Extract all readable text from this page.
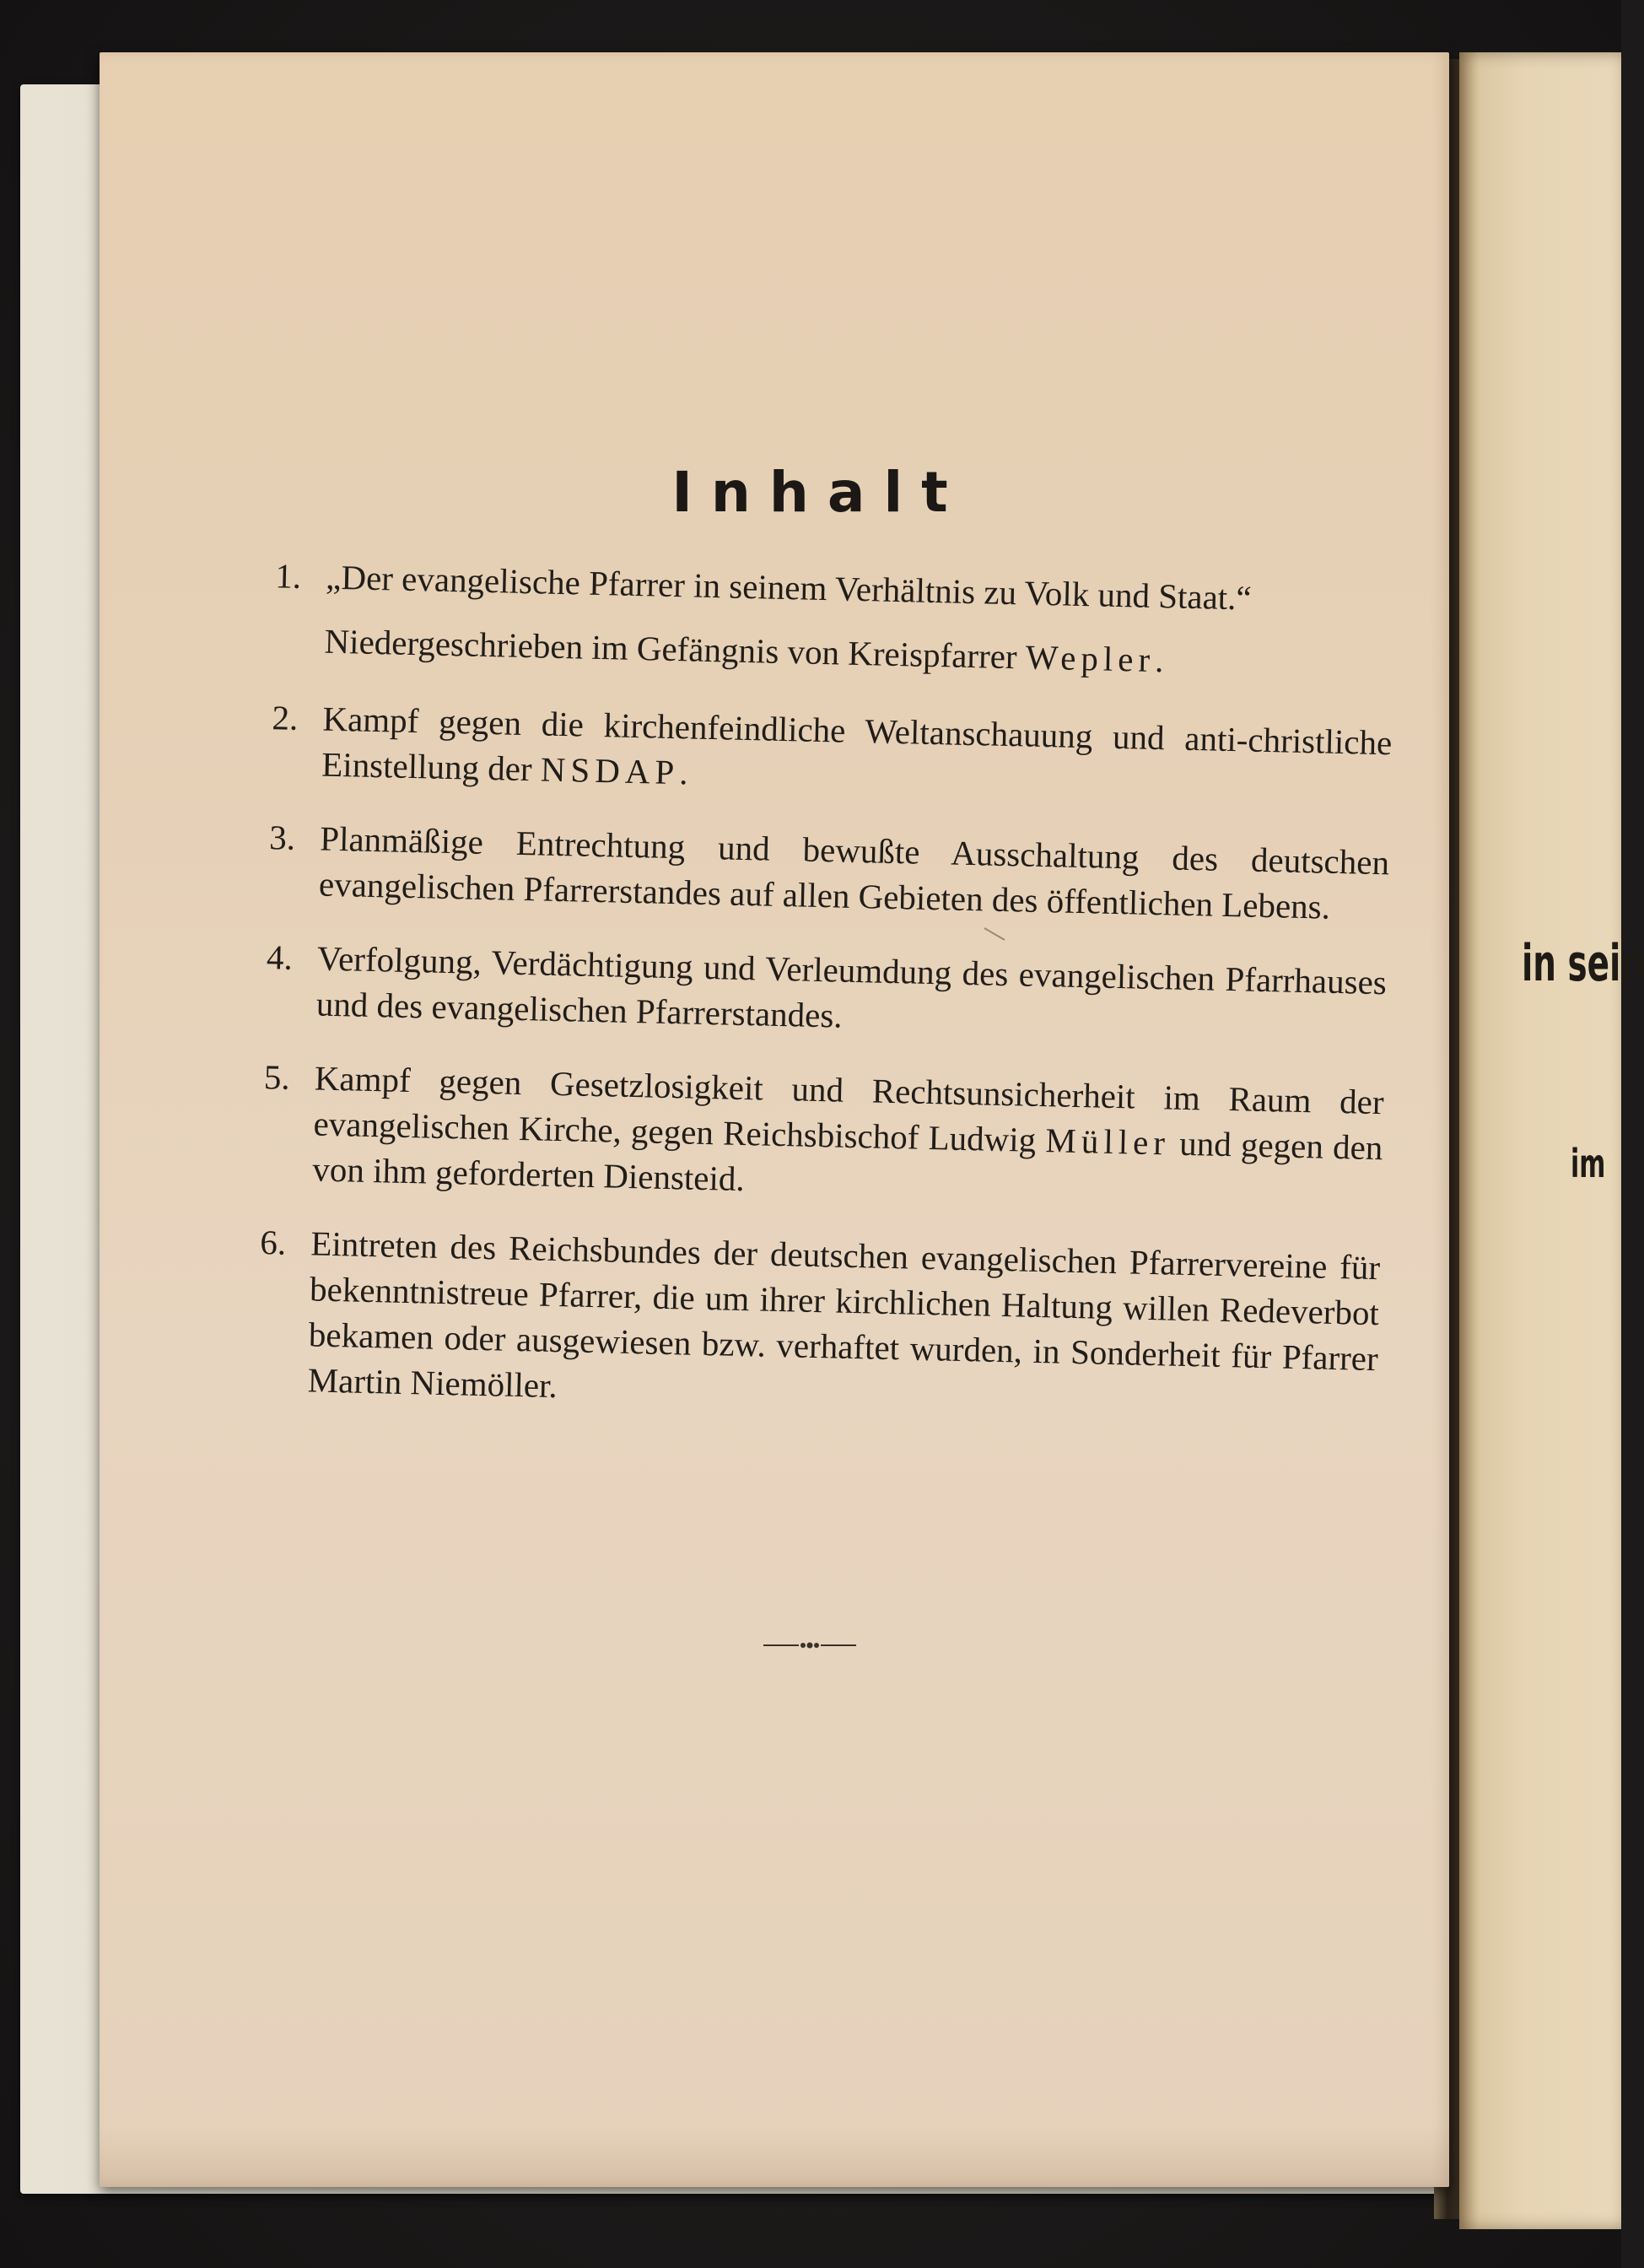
in sein
im
Inhalt
1. „Der evangelische Pfarrer in seinem Verhältnis zu Volk und Staat.“
Niedergeschrieben im Gefängnis von Kreispfarrer Wepler.
2. Kampf gegen die kirchenfeindliche Weltanschauung und anti-christliche Einstellung der NSDAP.
3. Planmäßige Entrechtung und bewußte Ausschaltung des deutschen evangelischen Pfarrerstandes auf allen Gebieten des öffentlichen Lebens.
4. Verfolgung, Verdächtigung und Verleumdung des evangelischen Pfarrhauses und des evangelischen Pfarrerstandes.
5. Kampf gegen Gesetzlosigkeit und Rechtsunsicherheit im Raum der evangelischen Kirche, gegen Reichsbischof Ludwig Müller und gegen den von ihm geforderten Diensteid.
6. Eintreten des Reichsbundes der deutschen evangelischen Pfarrervereine für bekenntnistreue Pfarrer, die um ihrer kirchlichen Haltung willen Redeverbot bekamen oder ausgewiesen bzw. verhaftet wurden, in Sonderheit für Pfarrer Martin Niemöller.
